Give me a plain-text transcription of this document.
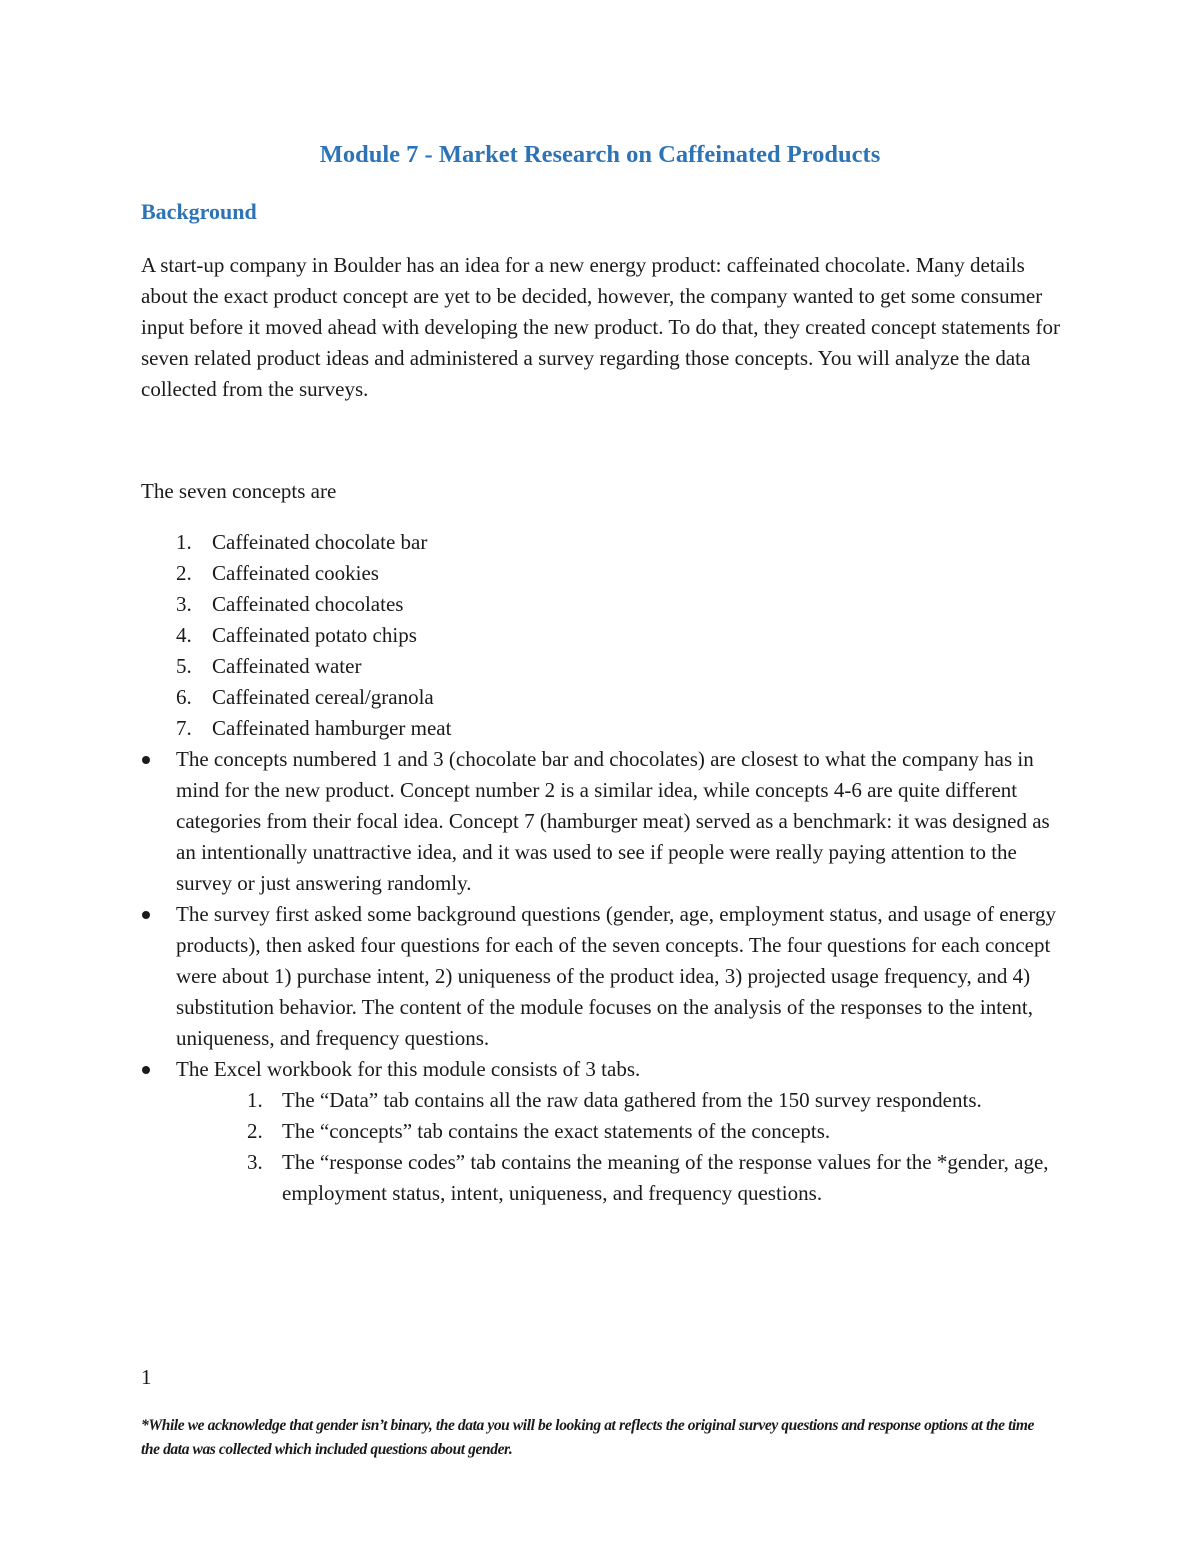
Module 7 - Market Research on Caffeinated Products
Background

A start-up company in Boulder has an idea for a new energy product: caffeinated chocolate. Many details about the exact product concept are yet to be decided, however, the company wanted to get some consumer input before it moved ahead with developing the new product. To do that, they created concept statements for seven related product ideas and administered a survey regarding those concepts. You will analyze the data collected from the surveys.

The seven concepts are

1. Caffeinated chocolate bar
2. Caffeinated cookies
3. Caffeinated chocolates
4. Caffeinated potato chips
5. Caffeinated water
6. Caffeinated cereal/granola
7. Caffeinated hamburger meat
The concepts numbered 1 and 3 (chocolate bar and chocolates) are closest to what the company has in mind for the new product. Concept number 2 is a similar idea, while concepts 4-6 are quite different categories from their focal idea. Concept 7 (hamburger meat) served as a benchmark: it was designed as an intentionally unattractive idea, and it was used to see if people were really paying attention to the survey or just answering randomly.
The survey first asked some background questions (gender, age, employment status, and usage of energy products), then asked four questions for each of the seven concepts. The four questions for each concept were about 1) purchase intent, 2) uniqueness of the product idea, 3) projected usage frequency, and 4) substitution behavior. The content of the module focuses on the analysis of the responses to the intent, uniqueness, and frequency questions.
The Excel workbook for this module consists of 3 tabs.
1. The “Data” tab contains all the raw data gathered from the 150 survey respondents.
2. The “concepts” tab contains the exact statements of the concepts.
3. The “response codes” tab contains the meaning of the response values for the *gender, age, employment status, intent, uniqueness, and frequency questions.
1
*While we acknowledge that gender isn’t binary, the data you will be looking at reflects the original survey questions and response options at the time the data was collected which included questions about gender.
